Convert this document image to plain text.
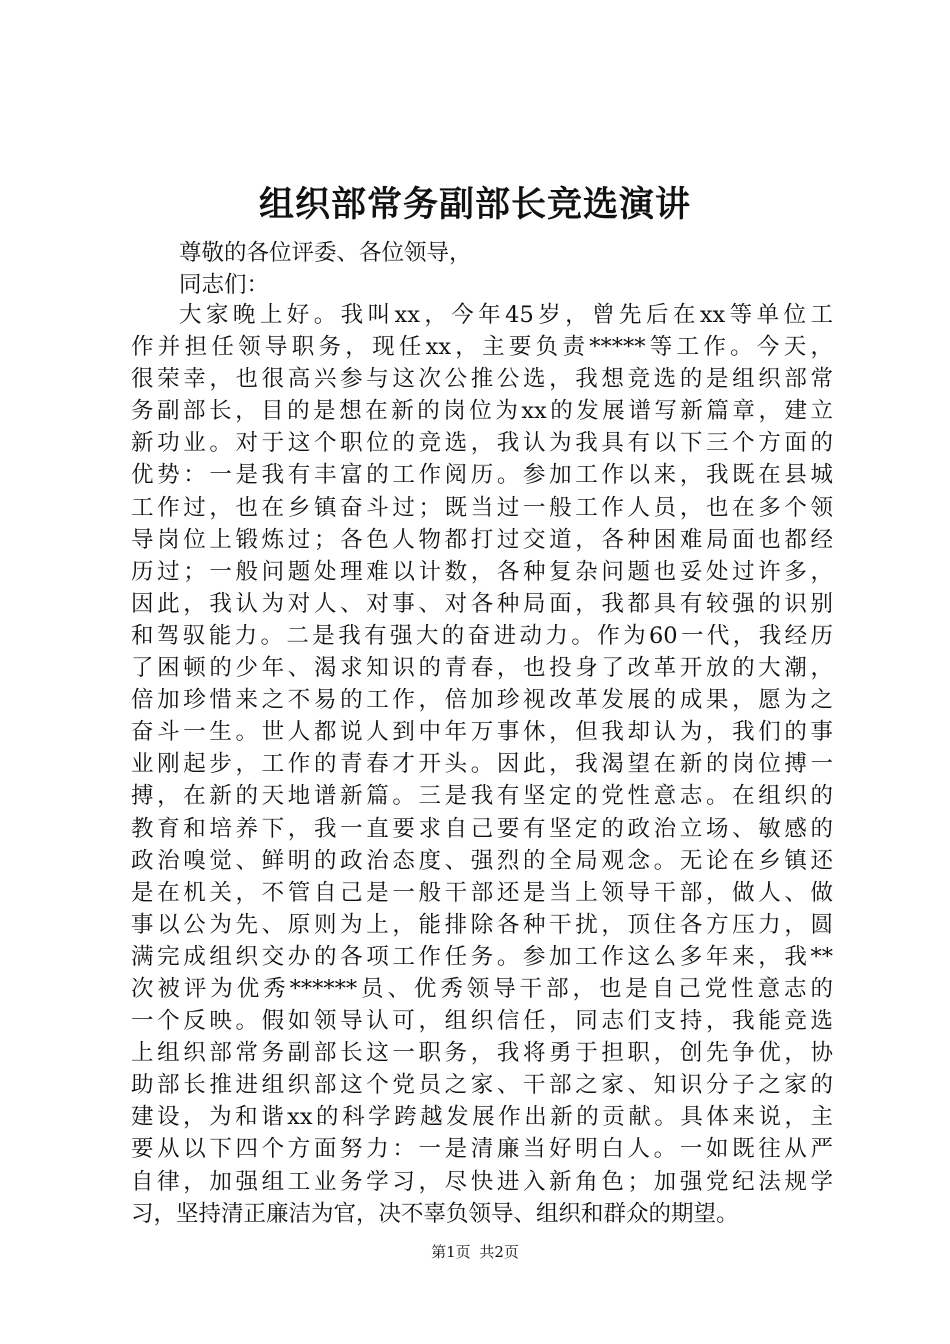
组织部常务副部长竞选演讲
尊敬的各位评委、各位领导，
同志们：
大家晚上好。我叫xx，今年45岁，曾先后在xx等单位工
作并担任领导职务，现任xx，主要负责*****等工作。今天，
很荣幸，也很高兴参与这次公推公选，我想竞选的是组织部常
务副部长，目的是想在新的岗位为xx的发展谱写新篇章，建立
新功业。对于这个职位的竞选，我认为我具有以下三个方面的
优势：一是我有丰富的工作阅历。参加工作以来，我既在县城
工作过，也在乡镇奋斗过；既当过一般工作人员，也在多个领
导岗位上锻炼过；各色人物都打过交道，各种困难局面也都经
历过；一般问题处理难以计数，各种复杂问题也妥处过许多，
因此，我认为对人、对事、对各种局面，我都具有较强的识别
和驾驭能力。二是我有强大的奋进动力。作为60一代，我经历
了困顿的少年、渴求知识的青春，也投身了改革开放的大潮，
倍加珍惜来之不易的工作，倍加珍视改革发展的成果，愿为之
奋斗一生。世人都说人到中年万事休，但我却认为，我们的事
业刚起步，工作的青春才开头。因此，我渴望在新的岗位搏一
搏，在新的天地谱新篇。三是我有坚定的党性意志。在组织的
教育和培养下，我一直要求自己要有坚定的政治立场、敏感的
政治嗅觉、鲜明的政治态度、强烈的全局观念。无论在乡镇还
是在机关，不管自己是一般干部还是当上领导干部，做人、做
事以公为先、原则为上，能排除各种干扰，顶住各方压力，圆
满完成组织交办的各项工作任务。参加工作这么多年来，我**
次被评为优秀******员、优秀领导干部，也是自己党性意志的
一个反映。假如领导认可，组织信任，同志们支持，我能竞选
上组织部常务副部长这一职务，我将勇于担职，创先争优，协
助部长推进组织部这个党员之家、干部之家、知识分子之家的
建设，为和谐xx的科学跨越发展作出新的贡献。具体来说，主
要从以下四个方面努力：一是清廉当好明白人。一如既往从严
自律，加强组工业务学习，尽快进入新角色；加强党纪法规学
习，坚持清正廉洁为官，决不辜负领导、组织和群众的期望。
第1页 共2页
